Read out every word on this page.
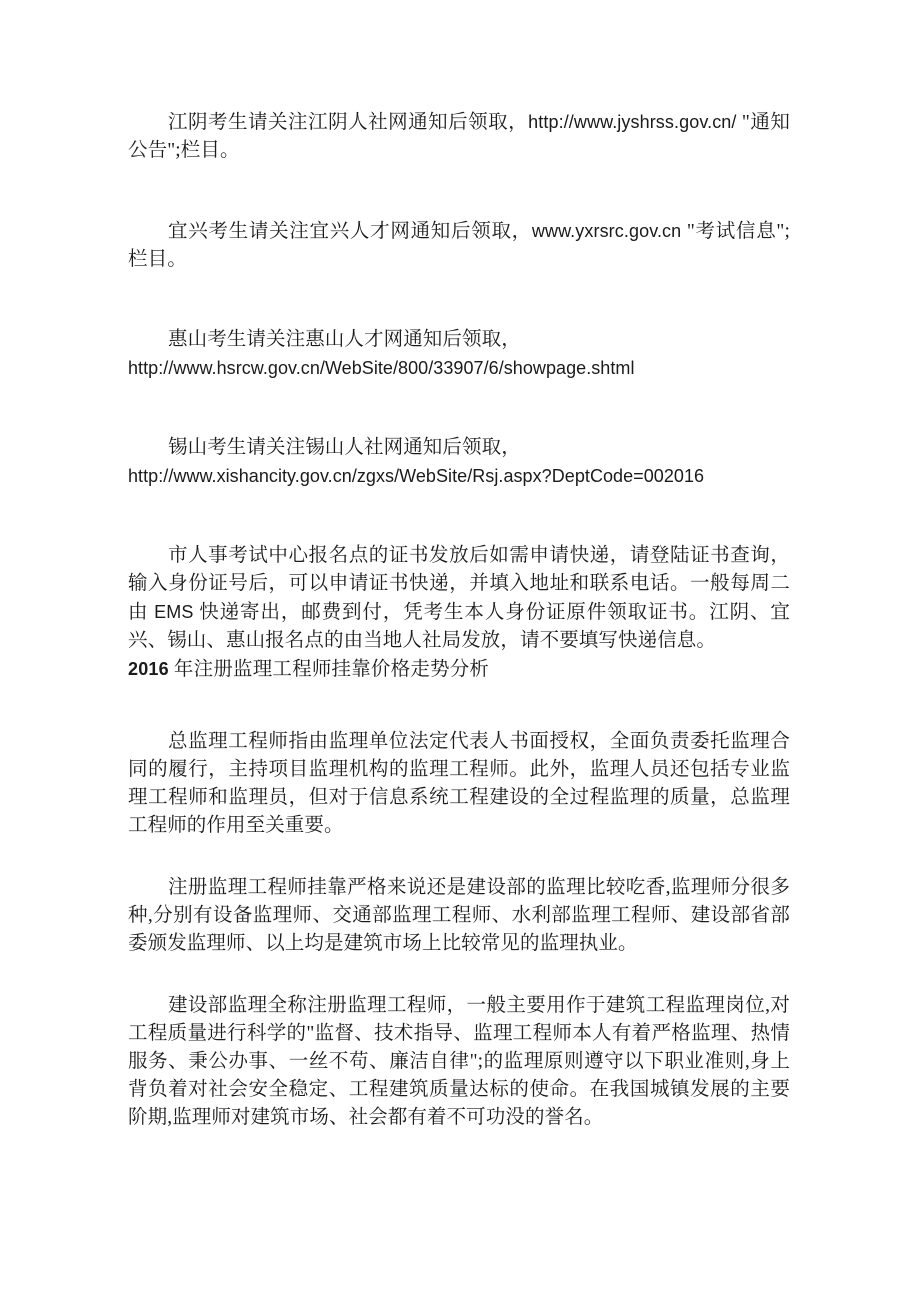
江阴考生请关注江阴人社网通知后领取，http://www.jyshrss.gov.cn/ "通知公告";栏目。

宜兴考生请关注宜兴人才网通知后领取，www.yxrsrc.gov.cn "考试信息";栏目。

惠山考生请关注惠山人才网通知后领取，

http://www.hsrcw.gov.cn/WebSite/800/33907/6/showpage.shtml

锡山考生请关注锡山人社网通知后领取，

http://www.xishancity.gov.cn/zgxs/WebSite/Rsj.aspx?DeptCode=002016

市人事考试中心报名点的证书发放后如需申请快递，请登陆证书查询，输入身份证号后，可以申请证书快递，并填入地址和联系电话。一般每周二由 EMS 快递寄出，邮费到付，凭考生本人身份证原件领取证书。江阴、宜兴、锡山、惠山报名点的由当地人社局发放，请不要填写快递信息。

2016 年注册监理工程师挂靠价格走势分析

总监理工程师指由监理单位法定代表人书面授权，全面负责委托监理合同的履行，主持项目监理机构的监理工程师。此外，监理人员还包括专业监理工程师和监理员，但对于信息系统工程建设的全过程监理的质量，总监理工程师的作用至关重要。

注册监理工程师挂靠严格来说还是建设部的监理比较吃香,监理师分很多种,分别有设备监理师、交通部监理工程师、水利部监理工程师、建设部省部委颁发监理师、以上均是建筑市场上比较常见的监理执业。

建设部监理全称注册监理工程师，一般主要用作于建筑工程监理岗位,对工程质量进行科学的"监督、技术指导、监理工程师本人有着严格监理、热情服务、秉公办事、一丝不苟、廉洁自律";的监理原则遵守以下职业准则,身上背负着对社会安全稳定、工程建筑质量达标的使命。在我国城镇发展的主要阶期,监理师对建筑市场、社会都有着不可功没的誉名。
